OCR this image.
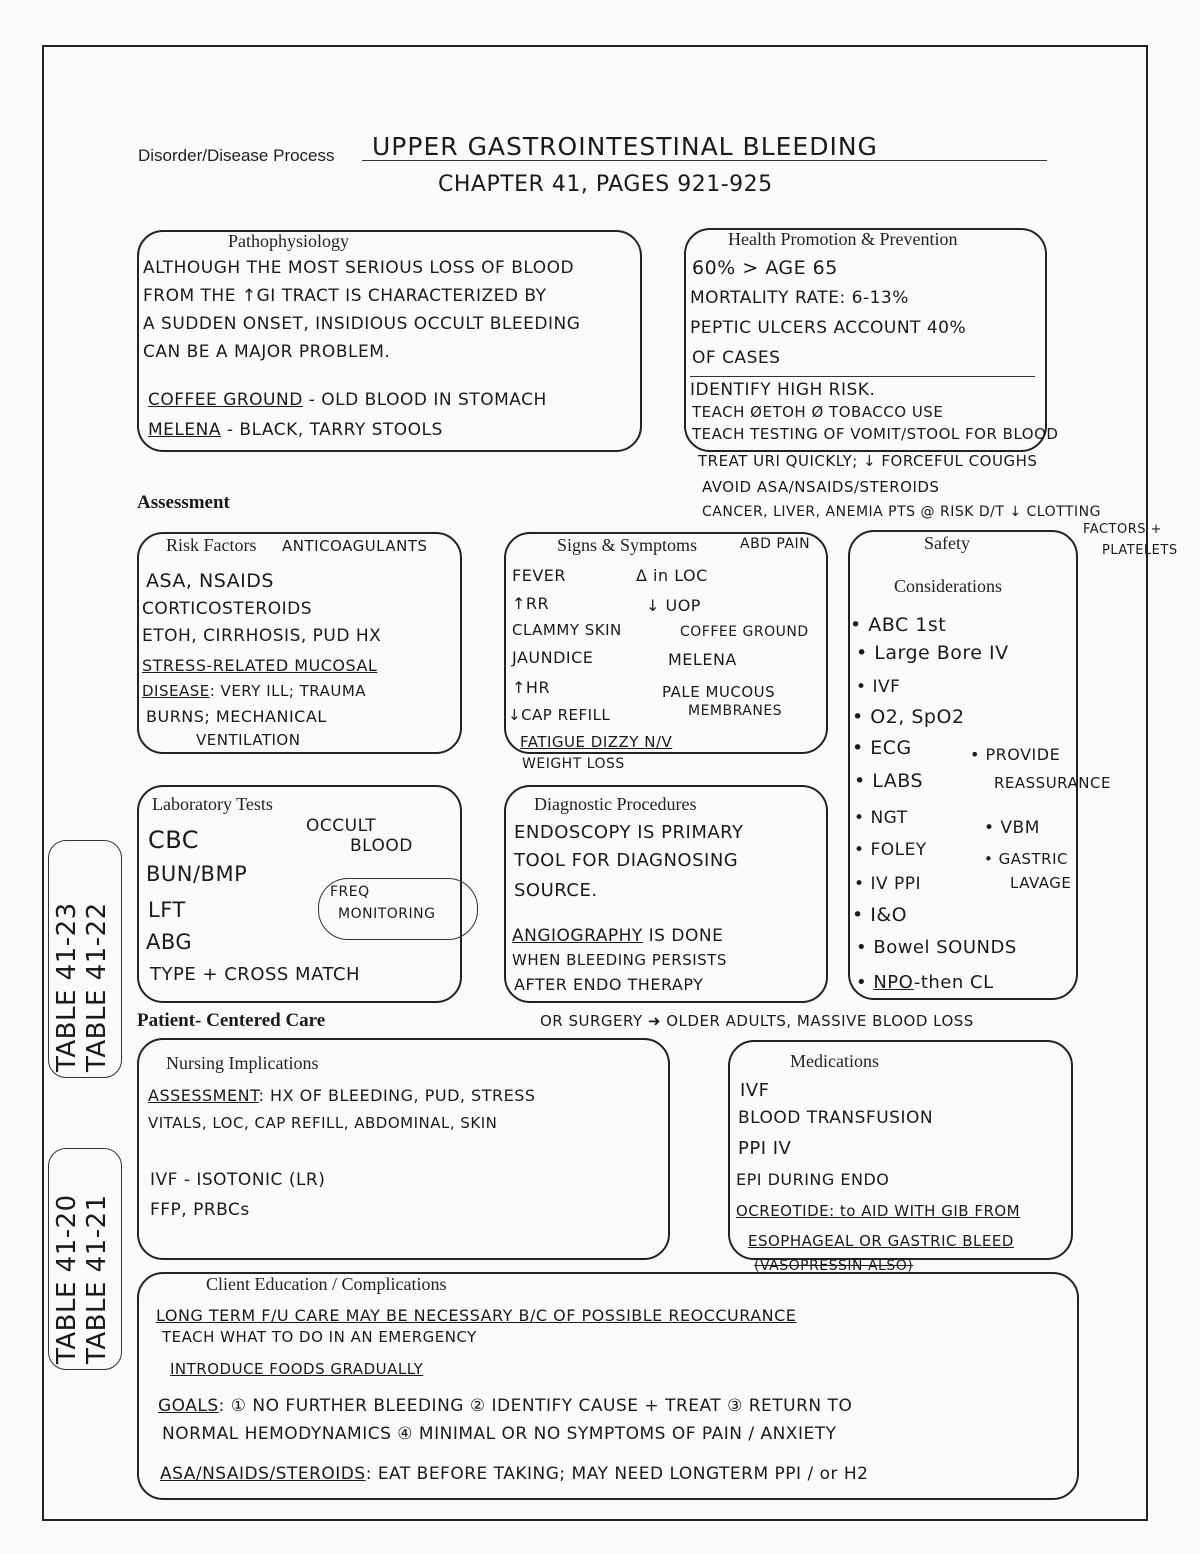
Disorder/Disease Process UPPER GASTROINTESTINAL BLEEDING
CHAPTER 41, PAGES 921-925
Pathophysiology
ALTHOUGH THE MOST SERIOUS LOSS OF BLOOD
FROM THE ↑GI TRACT IS CHARACTERIZED BY
A SUDDEN ONSET, INSIDIOUS OCCULT BLEEDING
CAN BE A MAJOR PROBLEM.
COFFEE GROUND - OLD BLOOD IN STOMACH
MELENA - BLACK, TARRY STOOLS
Health Promotion & Prevention
60% > AGE 65
MORTALITY RATE: 6-13%
PEPTIC ULCERS ACCOUNT 40%
OF CASES
IDENTIFY HIGH RISK.
TEACH ØETOH Ø TOBACCO USE
TEACH TESTING OF VOMIT/STOOL FOR BLOOD
TREAT URI QUICKLY; ↓ FORCEFUL COUGHS
AVOID ASA/NSAIDS/STEROIDS
CANCER, LIVER, ANEMIA PTS @ RISK D/T ↓ CLOTTING
FACTORS +
PLATELETS
Assessment
Risk Factors ANTICOAGULANTS
ASA, NSAIDS
CORTICOSTEROIDS
ETOH, CIRRHOSIS, PUD HX
STRESS-RELATED MUCOSAL
DISEASE: VERY ILL; TRAUMA
BURNS; MECHANICAL
VENTILATION
Signs & Symptoms	ABD PAIN
FEVER	Δ in LOC
↑RR	↓ UOP
CLAMMY SKIN	COFFEE GROUND
JAUNDICE	MELENA
↑HR	PALE MUCOUS
↓CAP REFILL	MEMBRANES
FATIGUE DIZZY N/V
WEIGHT LOSS
Safety
Considerations
• ABC 1st
• Large Bore IV
• IVF
• O2, SpO2
• ECG
• LABS
• NGT
• FOLEY
• IV PPI
• I&O
• Bowel SOUNDS
• NPO-then CL
• PROVIDE
REASSURANCE
• VBM
• GASTRIC
LAVAGE
Laboratory Tests
CBC
BUN/BMP
LFT
ABG
TYPE + CROSS MATCH
OCCULT
BLOOD
FREQ
MONITORING
Diagnostic Procedures
ENDOSCOPY IS PRIMARY
TOOL FOR DIAGNOSING
SOURCE.
ANGIOGRAPHY IS DONE
WHEN BLEEDING PERSISTS
AFTER ENDO THERAPY
OR SURGERY ➜ OLDER ADULTS, MASSIVE BLOOD LOSS
Patient- Centered Care
Nursing Implications
ASSESSMENT: HX OF BLEEDING, PUD, STRESS
VITALS, LOC, CAP REFILL, ABDOMINAL, SKIN
IVF - ISOTONIC (LR)
FFP, PRBCs
Medications
IVF
BLOOD TRANSFUSION
PPI IV
EPI DURING ENDO
OCREOTIDE: to AID WITH GIB FROM
ESOPHAGEAL OR GASTRIC BLEED
(VASOPRESSIN ALSO)
Client Education / Complications
LONG TERM F/U CARE MAY BE NECESSARY B/C OF POSSIBLE REOCCURANCE
TEACH WHAT TO DO IN AN EMERGENCY
INTRODUCE FOODS GRADUALLY
GOALS: ① NO FURTHER BLEEDING ② IDENTIFY CAUSE + TREAT ③ RETURN TO
NORMAL HEMODYNAMICS ④ MINIMAL OR NO SYMPTOMS OF PAIN / ANXIETY
ASA/NSAIDS/STEROIDS: EAT BEFORE TAKING; MAY NEED LONGTERM PPI / or H2
TABLE 41-23 TABLE 41-22
TABLE 41-20 TABLE 41-21
